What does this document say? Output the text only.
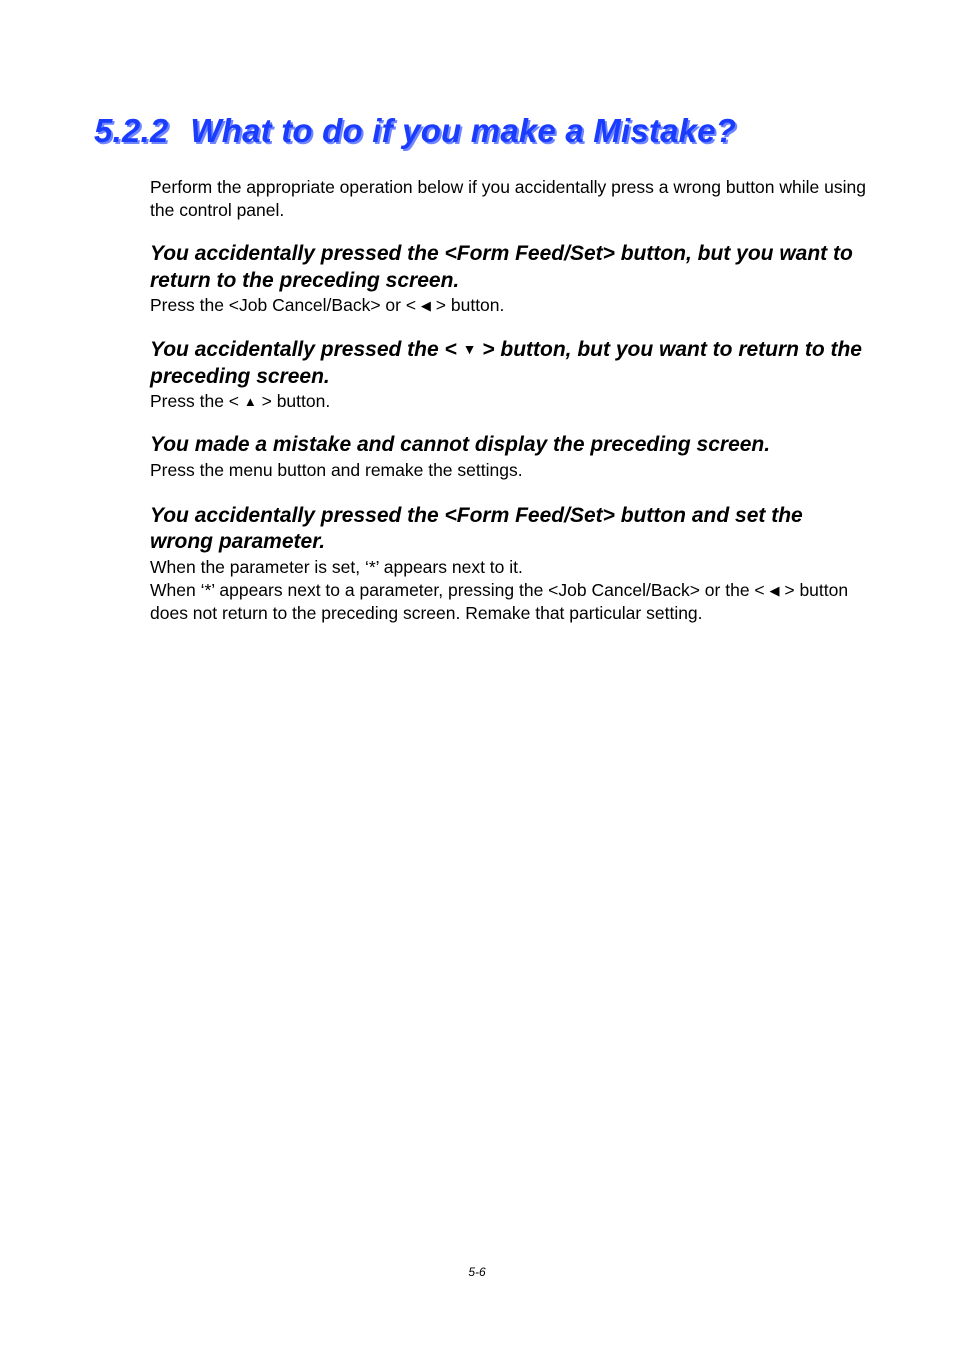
5.2.2 What to do if you make a Mistake?

Perform the appropriate operation below if you accidentally press a wrong button while using the control panel.

You accidentally pressed the <Form Feed/Set> button, but you want to return to the preceding screen.

Press the <Job Cancel/Back> or < ◀ > button.

You accidentally pressed the < ▼ > button, but you want to return to the preceding screen.

Press the < ▲ > button.

You made a mistake and cannot display the preceding screen.

Press the menu button and remake the settings.

You accidentally pressed the <Form Feed/Set> button and set the wrong parameter.

When the parameter is set, ‘*’ appears next to it.
When ‘*’ appears next to a parameter, pressing the <Job Cancel/Back> or the < ◀ > button does not return to the preceding screen. Remake that particular setting.

5-6
